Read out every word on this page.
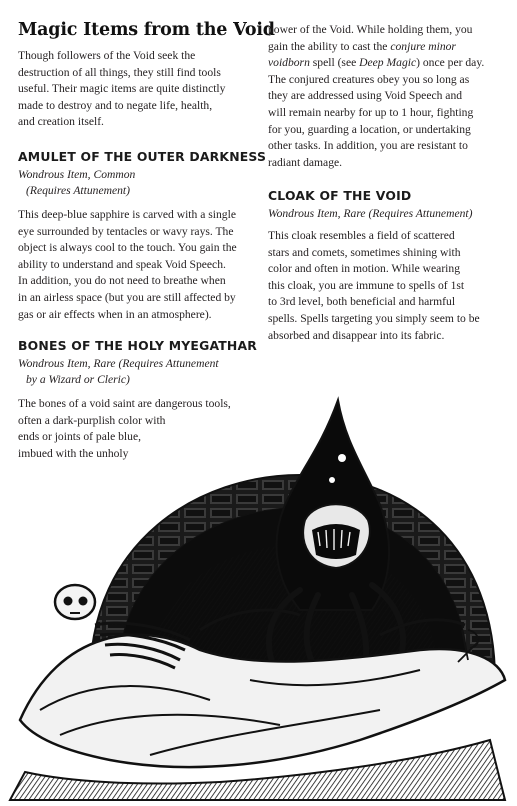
Magic Items from the Void

Though followers of the Void seek the

destruction of all things, they still find tools

useful. Their magic items are quite distinctly

made to destroy and to negate life, health,

and creation itself.

AMULET OF THE OUTER DARKNESS
Wondrous Item, Common
(Requires Attunement)

This deep-blue sapphire is carved with a single

eye surrounded by tentacles or wavy rays. The

object is always cool to the touch. You gain the

ability to understand and speak Void Speech.

In addition, you do not need to breathe when

in an airless space (but you are still affected by

gas or air effects when in an atmosphere).

BONES OF THE HOLY MYEGATHAR
Wondrous Item, Rare (Requires Attunement
by a Wizard or Cleric)

The bones of a void saint are dangerous tools,

often a dark-purplish color with

ends or joints of pale blue,

imbued with the unholy

power of the Void. While holding them, you

gain the ability to cast the conjure minor

voidborn spell (see Deep Magic) once per day.

The conjured creatures obey you so long as

they are addressed using Void Speech and

will remain nearby for up to 1 hour, fighting

for you, guarding a location, or undertaking

other tasks. In addition, you are resistant to

radiant damage.

CLOAK OF THE VOID
Wondrous Item, Rare (Requires Attunement)

This cloak resembles a field of scattered

stars and comets, sometimes shining with

color and often in motion. While wearing

this cloak, you are immune to spells of 1st

to 3rd level, both beneficial and harmful

spells. Spells targeting you simply seem to be

absorbed and disappear into its fabric.
